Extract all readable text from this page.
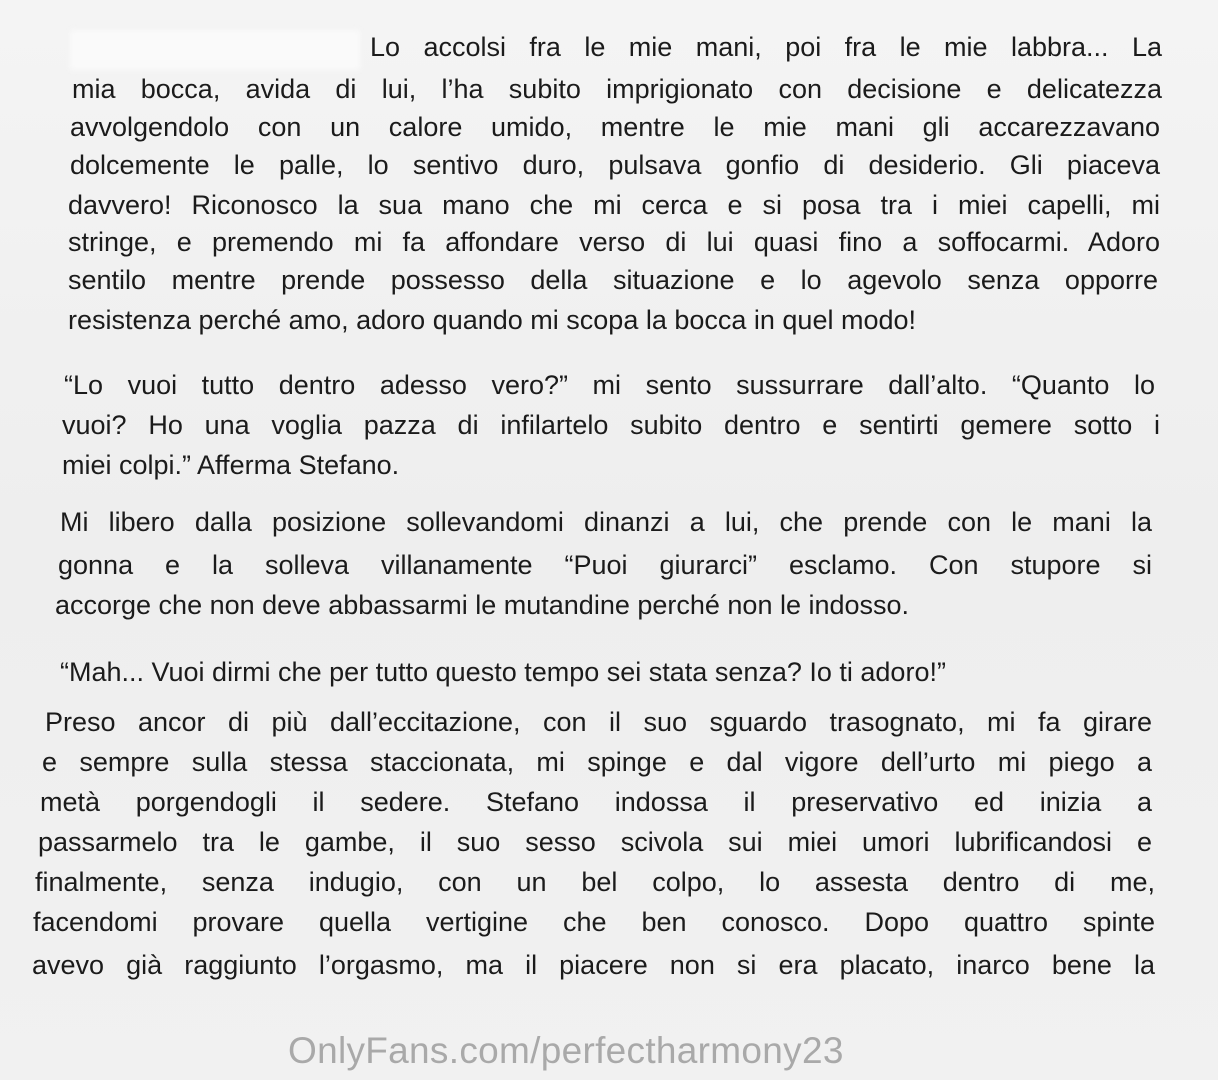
Lo accolsi fra le mie mani, poi fra le mie labbra... La
mia bocca, avida di lui, l’ha subito imprigionato con decisione e delicatezza
avvolgendolo con un calore umido, mentre le mie mani gli accarezzavano
dolcemente le palle, lo sentivo duro, pulsava gonfio di desiderio. Gli piaceva
davvero! Riconosco la sua mano che mi cerca e si posa tra i miei capelli, mi
stringe, e premendo mi fa affondare verso di lui quasi fino a soffocarmi. Adoro
sentilo mentre prende possesso della situazione e lo agevolo senza opporre
resistenza perché amo, adoro quando mi scopa la bocca in quel modo!
“Lo vuoi tutto dentro adesso vero?” mi sento sussurrare dall’alto. “Quanto lo
vuoi? Ho una voglia pazza di infilartelo subito dentro e sentirti gemere sotto i
miei colpi.” Afferma Stefano.
Mi libero dalla posizione sollevandomi dinanzi a lui, che prende con le mani la
gonna e la solleva villanamente “Puoi giurarci” esclamo. Con stupore si
accorge che non deve abbassarmi le mutandine perché non le indosso.
“Mah... Vuoi dirmi che per tutto questo tempo sei stata senza? Io ti adoro!”
Preso ancor di più dall’eccitazione, con il suo sguardo trasognato, mi fa girare
e sempre sulla stessa staccionata, mi spinge e dal vigore dell’urto mi piego a
metà porgendogli il sedere. Stefano indossa il preservativo ed inizia a
passarmelo tra le gambe, il suo sesso scivola sui miei umori lubrificandosi e
finalmente, senza indugio, con un bel colpo, lo assesta dentro di me,
facendomi provare quella vertigine che ben conosco. Dopo quattro spinte
avevo già raggiunto l’orgasmo, ma il piacere non si era placato, inarco bene la
OnlyFans.com/perfectharmony23
